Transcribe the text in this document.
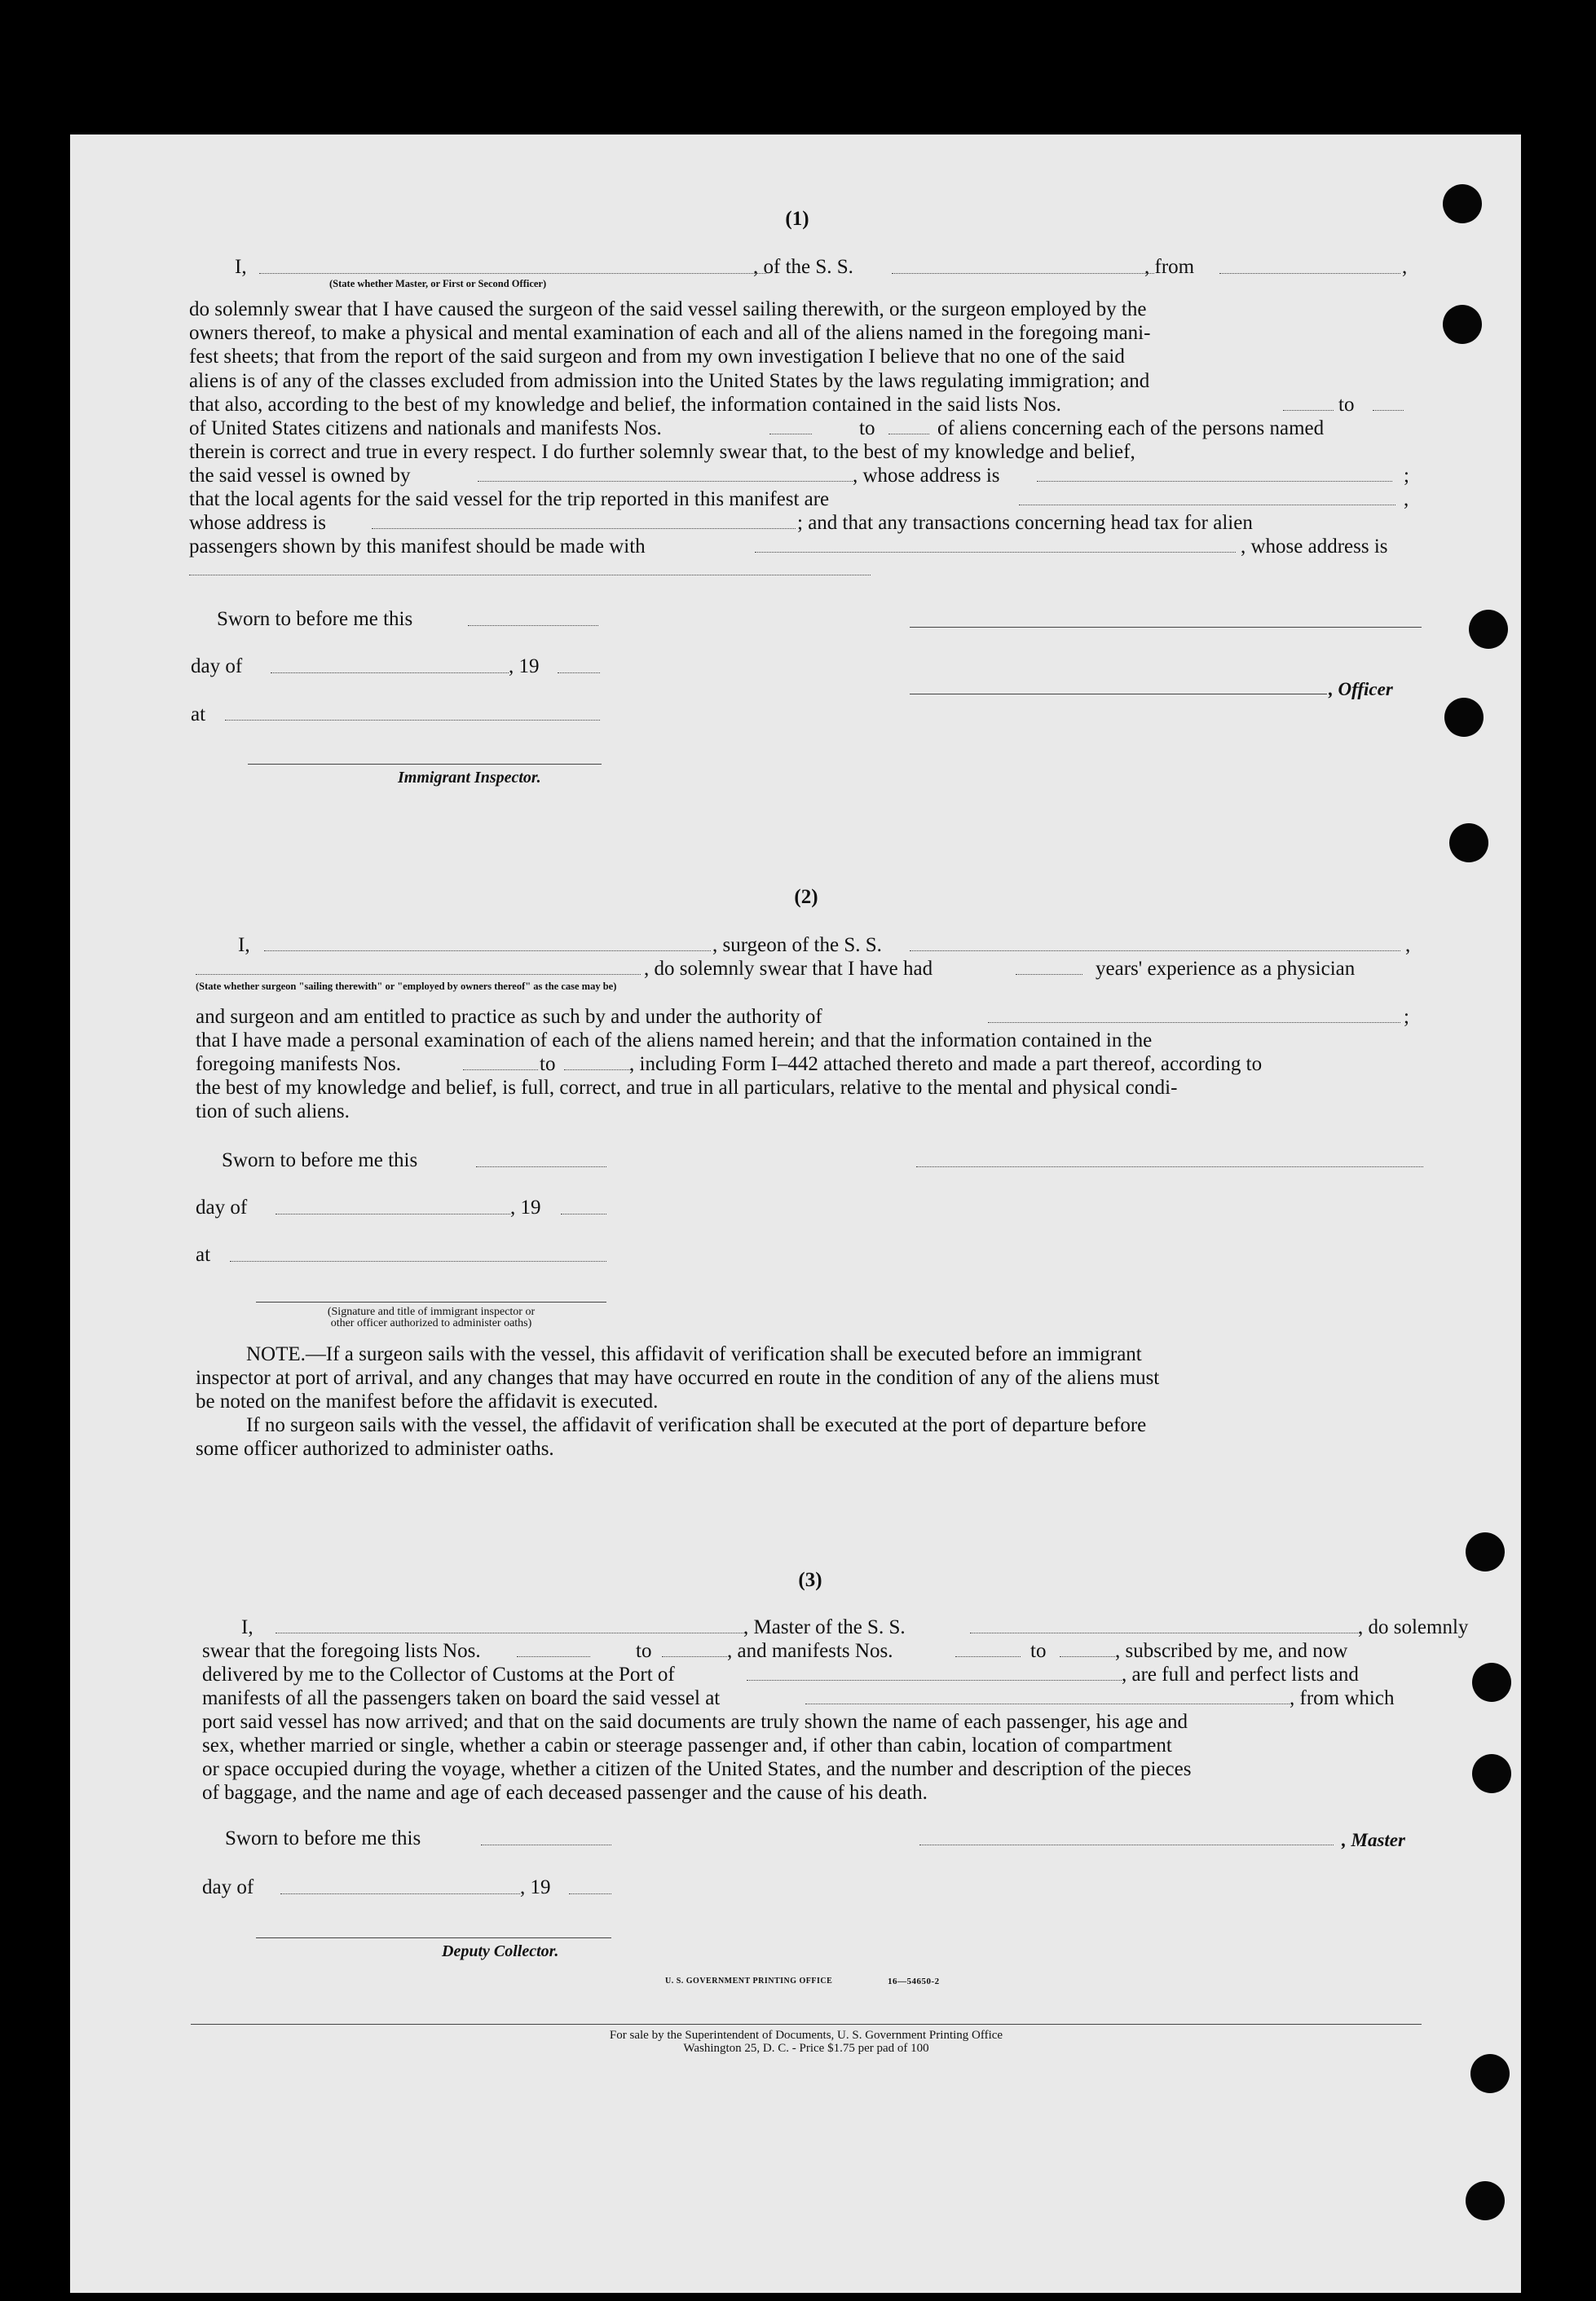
(1)
I,	, of the S. S.	, from	,
(State whether Master, or First or Second Officer)
do solemnly swear that I have caused the surgeon of the said vessel sailing therewith, or the surgeon employed by the
owners thereof, to make a physical and mental examination of each and all of the aliens named in the foregoing mani-
fest sheets; that from the report of the said surgeon and from my own investigation I believe that no one of the said
aliens is of any of the classes excluded from admission into the United States by the laws regulating immigration; and
that also, according to the best of my knowledge and belief, the information contained in the said lists Nos.	to
of United States citizens and nationals and manifests Nos.	to	of aliens concerning each of the persons named
therein is correct and true in every respect. I do further solemnly swear that, to the best of my knowledge and belief,
the said vessel is owned by	, whose address is	;
that the local agents for the said vessel for the trip reported in this manifest are	,
whose address is	; and that any transactions concerning head tax for alien
passengers shown by this manifest should be made with	, whose address is
Sworn to before me this
day of	, 19
, Officer
at
Immigrant Inspector.
(2)
I,	, surgeon of the S. S.	,
, do solemnly swear that I have had	years' experience as a physician
(State whether surgeon "sailing therewith" or "employed by owners thereof" as the case may be)
and surgeon and am entitled to practice as such by and under the authority of	;
that I have made a personal examination of each of the aliens named herein; and that the information contained in the
foregoing manifests Nos.	to	, including Form I–442 attached thereto and made a part thereof, according to
the best of my knowledge and belief, is full, correct, and true in all particulars, relative to the mental and physical condi-
tion of such aliens.
Sworn to before me this
day of	, 19
at
(Signature and title of immigrant inspector or
other officer authorized to administer oaths)
NOTE.—If a surgeon sails with the vessel, this affidavit of verification shall be executed before an immigrant
inspector at port of arrival, and any changes that may have occurred en route in the condition of any of the aliens must
be noted on the manifest before the affidavit is executed.
If no surgeon sails with the vessel, the affidavit of verification shall be executed at the port of departure before
some officer authorized to administer oaths.
(3)
I,	, Master of the S. S.	, do solemnly
swear that the foregoing lists Nos.	to	, and manifests Nos.	to	, subscribed by me, and now
delivered by me to the Collector of Customs at the Port of	, are full and perfect lists and
manifests of all the passengers taken on board the said vessel at	, from which
port said vessel has now arrived; and that on the said documents are truly shown the name of each passenger, his age and
sex, whether married or single, whether a cabin or steerage passenger and, if other than cabin, location of compartment
or space occupied during the voyage, whether a citizen of the United States, and the number and description of the pieces
of baggage, and the name and age of each deceased passenger and the cause of his death.
Sworn to before me this	, Master
day of	, 19
Deputy Collector.
U. S. GOVERNMENT PRINTING OFFICE	16—54650-2
For sale by the Superintendent of Documents, U. S. Government Printing Office
Washington 25, D. C. - Price $1.75 per pad of 100
